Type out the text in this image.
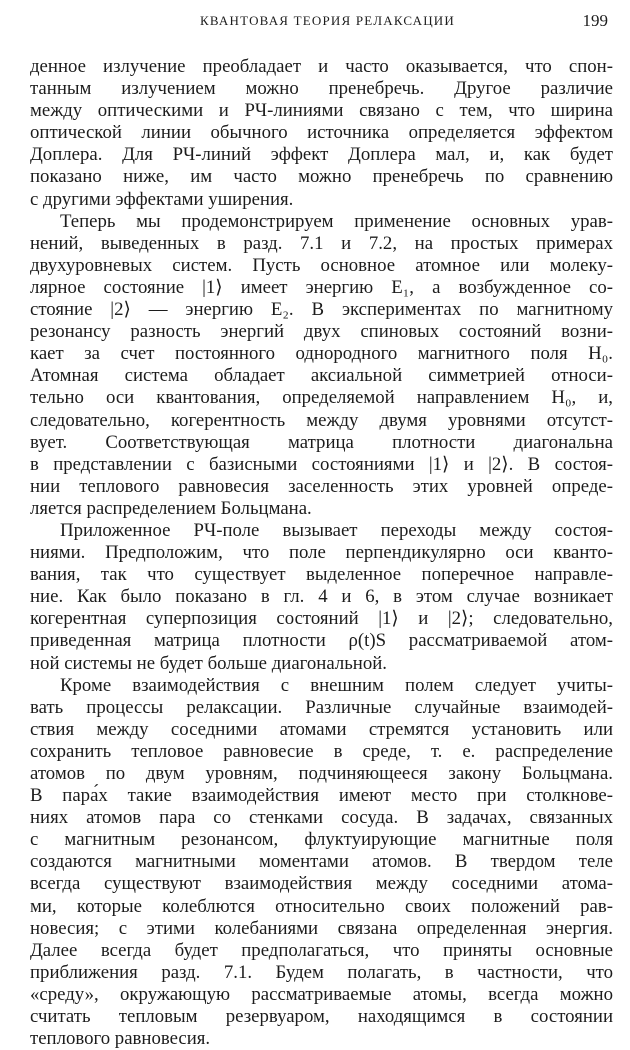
КВАНТОВАЯ ТЕОРИЯ РЕЛАКСАЦИИ	199
денное излучение преобладает и часто оказывается, что спон-
танным излучением можно пренебречь. Другое различие
между оптическими и РЧ-линиями связано с тем, что ширина
оптической линии обычного источника определяется эффектом
Доплера. Для РЧ-линий эффект Доплера мал, и, как будет
показано ниже, им часто можно пренебречь по сравнению
с другими эффектами уширения.
Теперь мы продемонстрируем применение основных урав-
нений, выведенных в разд. 7.1 и 7.2, на простых примерах
двухуровневых систем. Пусть основное атомное или молеку-
лярное состояние |1⟩ имеет энергию E₁, а возбужденное со-
стояние |2⟩ — энергию E₂. В экспериментах по магнитному
резонансу разность энергий двух спиновых состояний возни-
кает за счет постоянного однородного магнитного поля H₀.
Атомная система обладает аксиальной симметрией относи-
тельно оси квантования, определяемой направлением H₀, и,
следовательно, когерентность между двумя уровнями отсутст-
вует. Соответствующая матрица плотности диагональна
в представлении с базисными состояниями |1⟩ и |2⟩. В состоя-
нии теплового равновесия заселенность этих уровней опреде-
ляется распределением Больцмана.
Приложенное РЧ-поле вызывает переходы между состоя-
ниями. Предположим, что поле перпендикулярно оси кванто-
вания, так что существует выделенное поперечное направле-
ние. Как было показано в гл. 4 и 6, в этом случае возникает
когерентная суперпозиция состояний |1⟩ и |2⟩; следовательно,
приведенная матрица плотности ρ(t)S рассматриваемой атом-
ной системы не будет больше диагональной.
Кроме взаимодействия с внешним полем следует учиты-
вать процессы релаксации. Различные случайные взаимодей-
ствия между соседними атомами стремятся установить или
сохранить тепловое равновесие в среде, т. е. распределение
атомов по двум уровням, подчиняющееся закону Больцмана.
В пара́х такие взаимодействия имеют место при столкнове-
ниях атомов пара со стенками сосуда. В задачах, связанных
с магнитным резонансом, флуктуирующие магнитные поля
создаются магнитными моментами атомов. В твердом теле
всегда существуют взаимодействия между соседними атома-
ми, которые колеблются относительно своих положений рав-
новесия; с этими колебаниями связана определенная энергия.
Далее всегда будет предполагаться, что приняты основные
приближения разд. 7.1. Будем полагать, в частности, что
«среду», окружающую рассматриваемые атомы, всегда можно
считать тепловым резервуаром, находящимся в состоянии
теплового равновесия.
